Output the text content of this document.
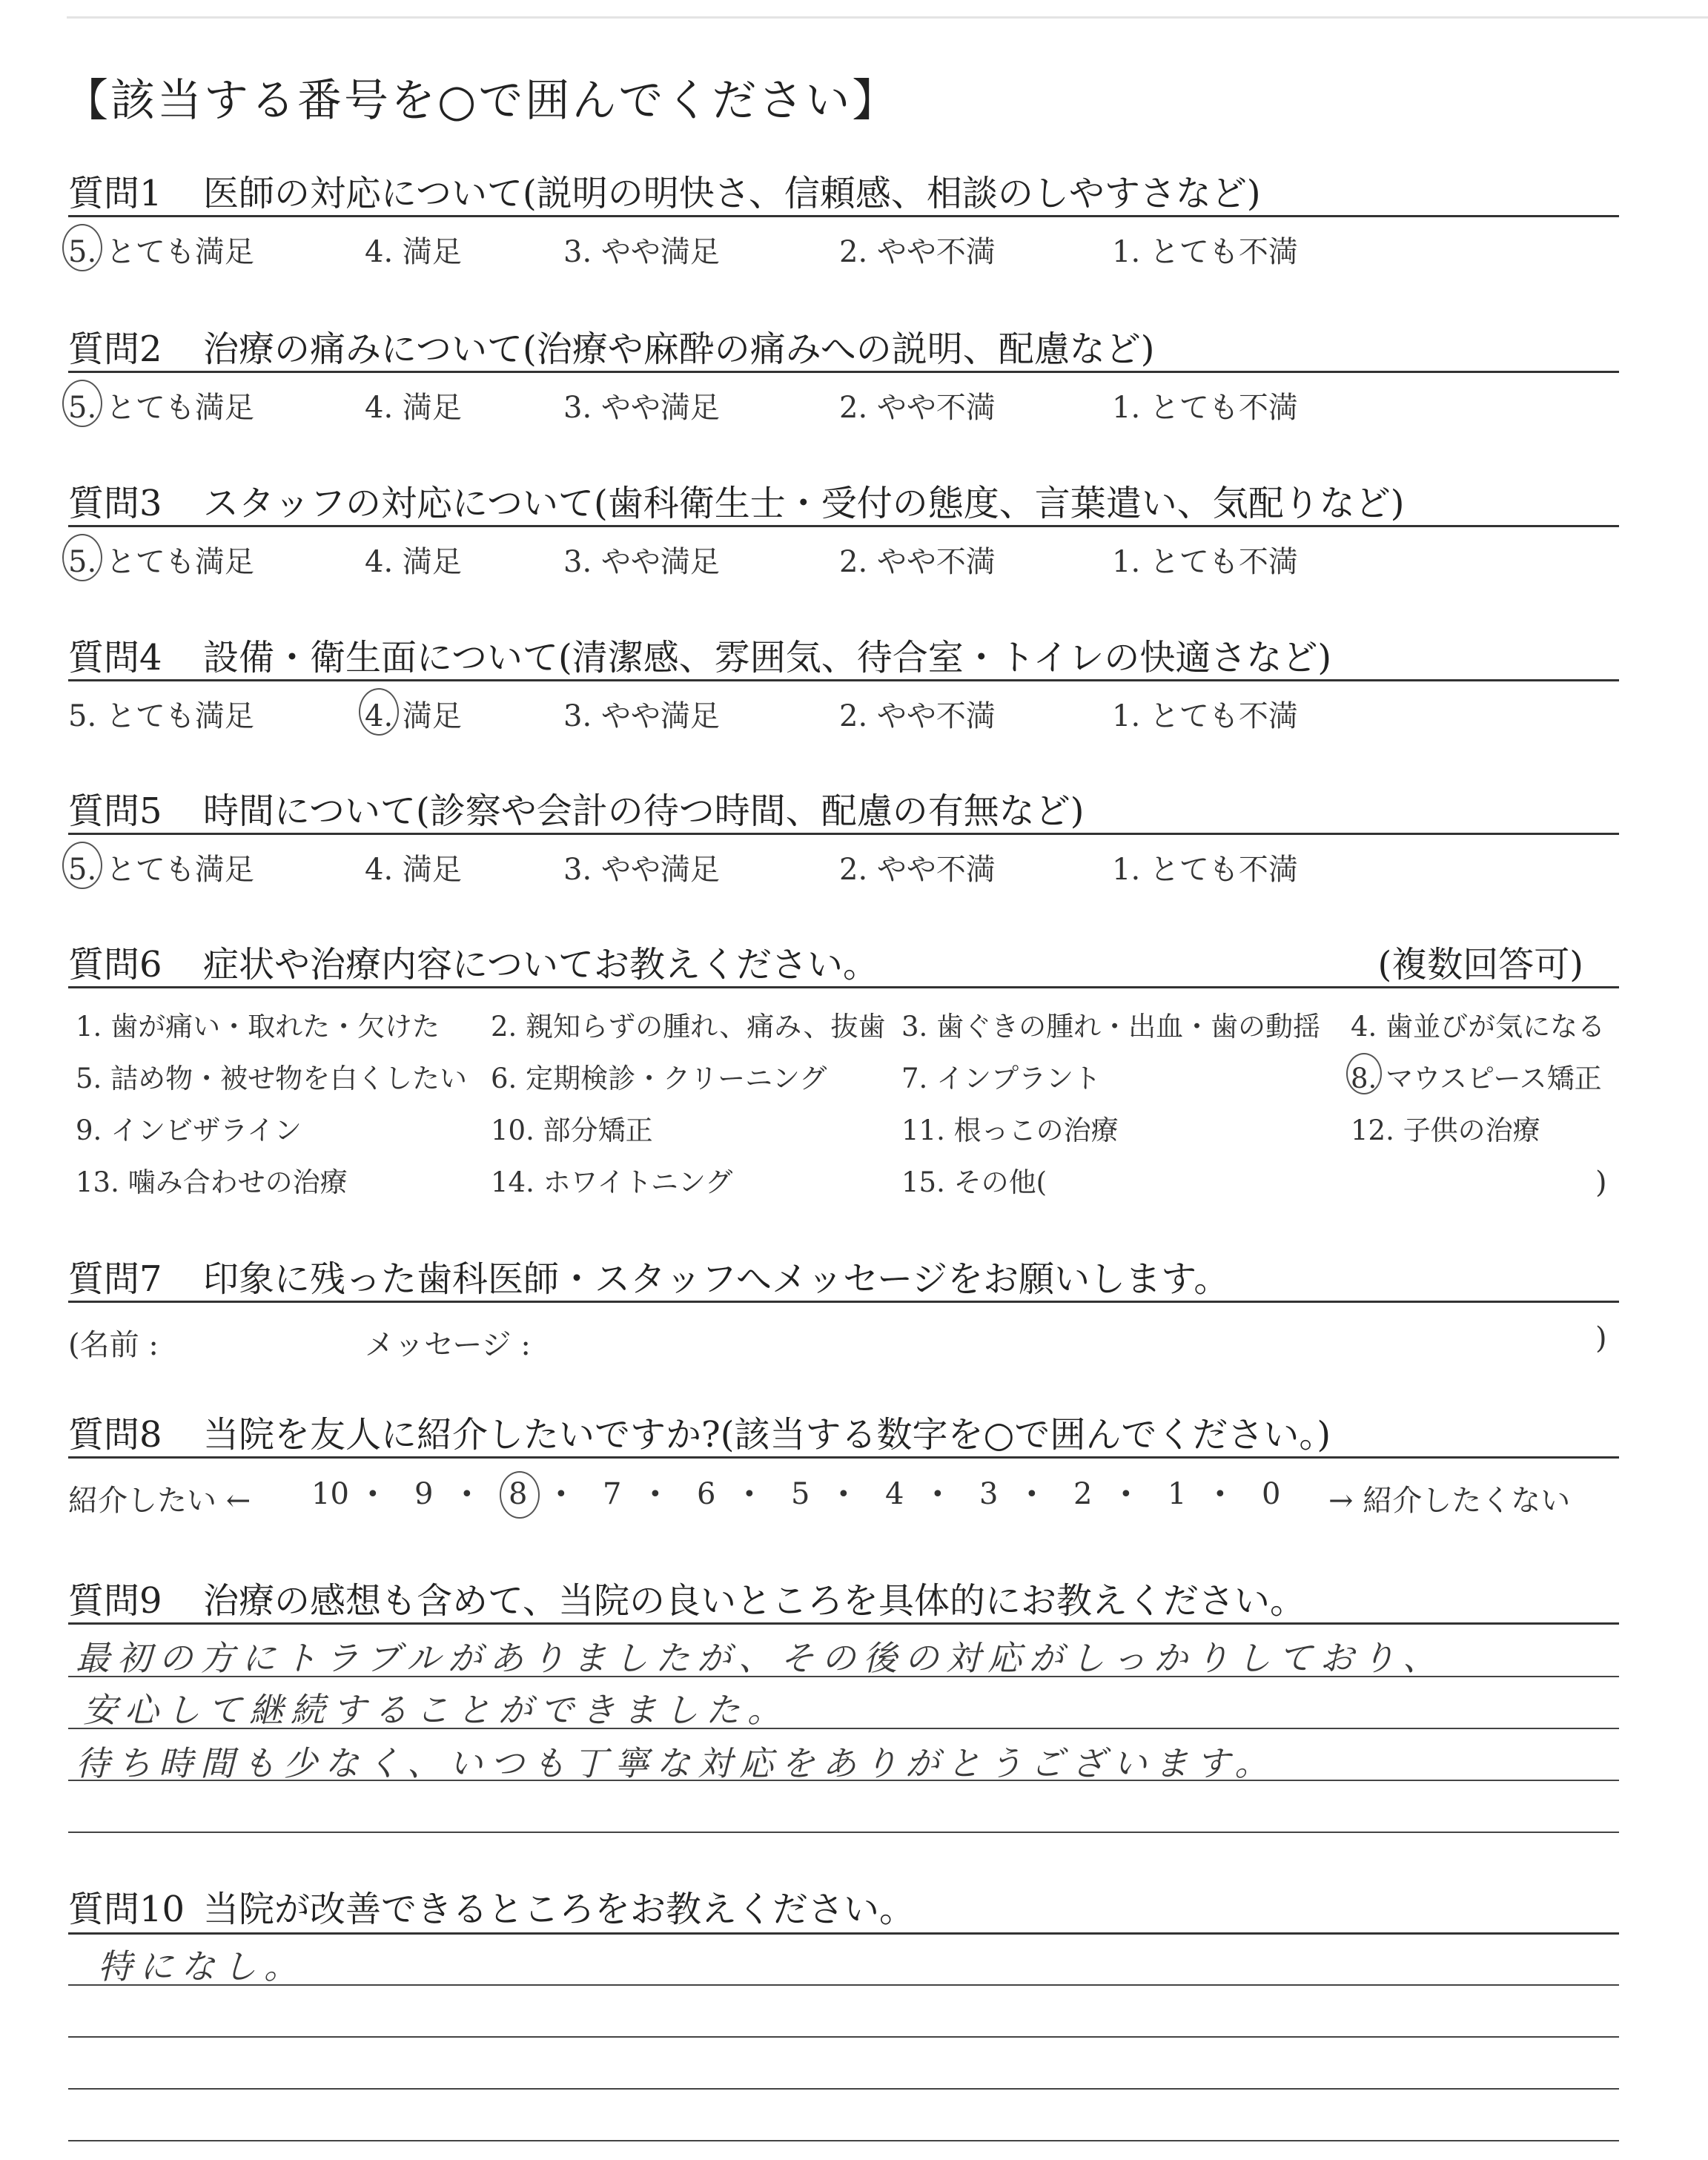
【該当する番号を○で囲んでください】
質問1 医師の対応について(説明の明快さ、信頼感、相談のしやすさなど)
5. とても満足	4. 満足	3. やや満足	2. やや不満	1. とても不満
質問2 治療の痛みについて(治療や麻酔の痛みへの説明、配慮など)
5. とても満足	4. 満足	3. やや満足	2. やや不満	1. とても不満
質問3 スタッフの対応について(歯科衛生士・受付の態度、言葉遣い、気配りなど)
5. とても満足	4. 満足	3. やや満足	2. やや不満	1. とても不満
質問4 設備・衛生面について(清潔感、雰囲気、待合室・トイレの快適さなど)
5. とても満足	4. 満足	3. やや満足	2. やや不満	1. とても不満
質問5 時間について(診察や会計の待つ時間、配慮の有無など)
5. とても満足	4. 満足	3. やや満足	2. やや不満	1. とても不満
質問6 症状や治療内容についてお教えください。	(複数回答可)
1. 歯が痛い・取れた・欠けた 2. 親知らずの腫れ、痛み、抜歯 3. 歯ぐきの腫れ・出血・歯の動揺 4. 歯並びが気になる
5. 詰め物・被せ物を白くしたい 6. 定期検診・クリーニング	7. インプラント	8. マウスピース矯正
9. インビザライン	10. 部分矯正	11. 根っこの治療	12. 子供の治療
13. 噛み合わせの治療	14. ホワイトニング	15. その他(	)
質問7 印象に残った歯科医師・スタッフへメッセージをお願いします。
(名前 :	メッセージ :	)
質問8 当院を友人に紹介したいですか?(該当する数字を○で囲んでください。)
紹介したい ←	→ 紹介したくない
10 • 9 • 8 • 7 • 6 • 5 • 4 • 3 • 2 • 1 • 0
質問9 治療の感想も含めて、当院の良いところを具体的にお教えください。
最初の方にトラブルがありましたが、その後の対応がしっかりしており、
安心して継続することができました。
待ち時間も少なく、いつも丁寧な対応をありがとうございます。
質問10 当院が改善できるところをお教えください。
特になし。
